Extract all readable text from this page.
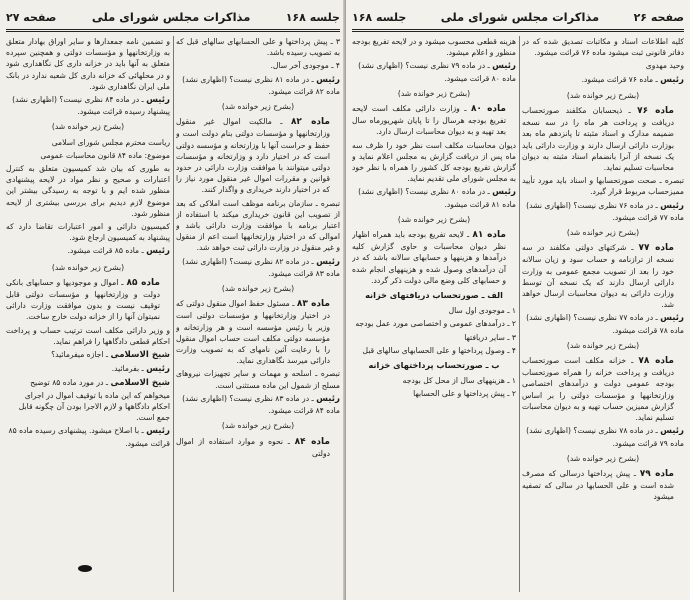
صفحه ۲۷	مذاکرات مجلس شورای ملی	جلسه ۱۶۸
۳ ـ پیش پرداختها و علی الحسابهای سالهای قبل که به تصویب رسیده باشد.
۴ ـ موجودی آخر سال.
رئیس ـ در ماده ۸۱ نظری نیست؟ (اظهاری نشد) ماده ۸۲ قرائت میشود.
(بشرح زیر خوانده شد)
ماده ۸۲ ـ مالکیت اموال غیر منقول وزارتخانهها و مؤسسات دولتی بنام دولت است و حفظ و حراست آنها با وزارتخانه و مؤسسه دولتی است که در اختیار دارد و وزارتخانه و مؤسسات دولتی میتوانند با موافقت وزارت دارائی در حدود قوانین و مقررات اموال غیر منقول مورد نیاز را که در اختیار دارند خریداری و واگذار کنند.
تبصره ـ سازمان برنامه موظف است املاکی که بعد از تصویب این قانون خریداری میکند با استفاده از اعتبار برنامه با موافقت وزارت دارائی باشد و اموالی که در اختیار وزارتخانهها است اعم از منقول و غیر منقول در وزارت دارائی ثبت خواهد شد.
رئیس ـ در ماده ۸۲ نظری نیست؟ (اظهاری نشد) ماده ۸۳ قرائت میشود.
(بشرح زیر خوانده شد)
ماده ۸۳ ـ مسئول حفظ اموال منقول دولتی که در اختیار وزارتخانهها و مؤسسات دولتی است وزیر یا رئیس مؤسسه است و هر وزارتخانه و مؤسسه دولتی مکلف است حساب اموال منقول را با رعایت آئین نامهای که به تصویب وزارت دارائی میرسد نگاهداری نماید.
تبصره ـ اسلحه و مهمات و سایر تجهیزات نیروهای مسلح از شمول این ماده مستثنی است.
رئیس ـ در ماده ۸۳ نظری نیست؟ (اظهاری نشد) ماده ۸۴ قرائت میشود.
(بشرح زیر خوانده شد)
ماده ۸۴ ـ نحوه و موارد استفاده از اموال دولتی
و تضمین نامه جمعدارها و سایر اوراق بهادار متعلق به وزارتخانهها و مؤسسات دولتی و همچنین سپرده متعلق به آنها باید در خزانه داری کل نگاهداری شود و در محلهائی که خزانه داری کل شعبه ندارد در بانک ملی ایران نگاهداری شود.
رئیس ـ در ماده ۸۴ نظری نیست؟ (اظهاری نشد) پیشنهاد رسیده قرائت میشود.
(بشرح زیر خوانده شد)
ریاست محترم مجلس شورای اسلامی
موضوع: ماده ۸۴ قانون محاسبات عمومی
به طوری که بیان شد کمیسیون متعلق به کنترل اعتبارات و صحیح و نظر مواد در لایحه پیشنهادی منظور شده ایم و با توجه به رسیدگی بیشتر این موضوع لازم دیدیم برای بررسی بیشتری از لایحه منظور شود.
کمیسیون دارائی و امور اعتبارات تقاضا دارد که پیشنهاد به کمیسیون ارجاع شود.
رئیس ـ ماده ۸۵ قرائت میشود.
(بشرح زیر خوانده شد)
ماده ۸۵ ـ اموال و موجودیها و حسابهای بانکی دولت و وزارتخانهها و مؤسسات دولتی قابل توقیف نیست و بدون موافقت وزارت دارائی نمیتوان آنها را از خزانه دولت خارج ساخت.
و وزیر دارائی مکلف است ترتیب حساب و پرداخت احکام قطعی دادگاهها را فراهم نماید.
شیخ الاسلامی ـ اجازه میفرمائید؟
رئیس ـ بفرمائید.
شیخ الاسلامی ـ در مورد ماده ۸۵ توضیح میخواهم که این ماده با توقیف اموال در اجرای احکام دادگاهها و لازم الاجرا بودن آن چگونه قابل جمع است.
رئیس ـ با اصلاح میشود. پیشنهادی رسیده ماده ۸۵ قرائت میشود.
جلسه ۱۶۸	مذاکرات مجلس شورای ملی	صفحه ۲۶
کلیه اطلاعات اسناد و مکاتبات تصدیق شده که در دفاتر قانونی ثبت میشود ماده ۷۶ قرائت میشود.
وحید مهدوی
رئیس ـ ماده ۷۶ قرائت میشود.
(بشرح زیر خوانده شد)
ماده ۷۶ ـ ذیحسابان مکلفند صورتحساب دریافت و پرداخت هر ماه را در سه نسخه ضمیمه مدارک و اسناد مثبته تا پانزدهم ماه بعد بوزارت دارائی ارسال دارند و وزارت دارائی باید یک نسخه از آنرا بانضمام اسناد مثبته به دیوان محاسبات تسلیم نماید.
تبصره ـ صحت صورتحسابها و اسناد باید مورد تأیید ممیزحساب مربوط قرار گیرد.
رئیس ـ در ماده ۷۶ نظری نیست؟ (اظهاری نشد) ماده ۷۷ قرائت میشود.
(بشرح زیر خوانده شد)
ماده ۷۷ ـ شرکتهای دولتی مکلفند در سه نسخه از ترازنامه و حساب سود و زیان سالانه خود را بعد از تصویب مجمع عمومی به وزارت دارائی ارسال دارند که یک نسخه آن توسط وزارت دارائی به دیوان محاسبات ارسال خواهد شد.
رئیس ـ در ماده ۷۷ نظری نیست؟ (اظهاری نشد) ماده ۷۸ قرائت میشود.
(بشرح زیر خوانده شد)
ماده ۷۸ ـ خزانه مکلف است صورتحساب دریافت و پرداخت خزانه را همراه صورتحساب بودجه عمومی دولت و درآمدهای اختصاصی وزارتخانهها و مؤسسات دولتی را بر اساس گزارش ممیزین حساب تهیه و به دیوان محاسبات تسلیم نماید.
رئیس ـ در ماده ۷۸ نظری نیست؟ (اظهاری نشد) ماده ۷۹ قرائت میشود.
(بشرح زیر خوانده شد)
ماده ۷۹ ـ پیش پرداختها درسالی که مصرف شده است و علی الحسابها در سالی که تصفیه میشود
هزینه قطعی محسوب میشود و در لایحه تفریغ بودجه منظور و اعلام میشود.
رئیس ـ در ماده ۷۹ نظری نیست؟ (اظهاری نشد) ماده ۸۰ قرائت میشود.
(بشرح زیر خوانده شد)
ماده ۸۰ ـ وزارت دارائی مکلف است لایحه تفریغ بودجه هرسال را تا پایان شهریورماه سال بعد تهیه و به دیوان محاسبات ارسال دارد.
دیوان محاسبات مکلف است نظر خود را ظرف سه ماه پس از دریافت گزارش به مجلس اعلام نماید و گزارش تفریغ بودجه کل کشور را همراه با نظر خود به مجلس شورای ملی تقدیم نماید.
رئیس ـ در ماده ۸۰ نظری نیست؟ (اظهاری نشد) ماده ۸۱ قرائت میشود.
(بشرح زیر خوانده شد)
ماده ۸۱ ـ لایحه تفریغ بودجه باید همراه اظهار نظر دیوان محاسبات و حاوی گزارش کلیه درآمدها و هزینهها و حسابهای سالانه باشد که در آن درآمدهای وصول شده و هزینههای انجام شده و حسابهای کلی وضع مالی دولت ذکر گردد.
الف ـ صورتحساب دریافتهای خزانه
۱ ـ موجودی اول سال
۲ ـ درآمدهای عمومی و اختصاصی مورد عمل بودجه
۳ ـ سایر دریافتها
۴ ـ وصول پرداختها و علی الحسابهای سالهای قبل
ب ـ صورتحساب پرداختهای خزانه
۱ ـ هزینههای سال از محل کل بودجه
۲ ـ پیش پرداختها و علی الحسابها
